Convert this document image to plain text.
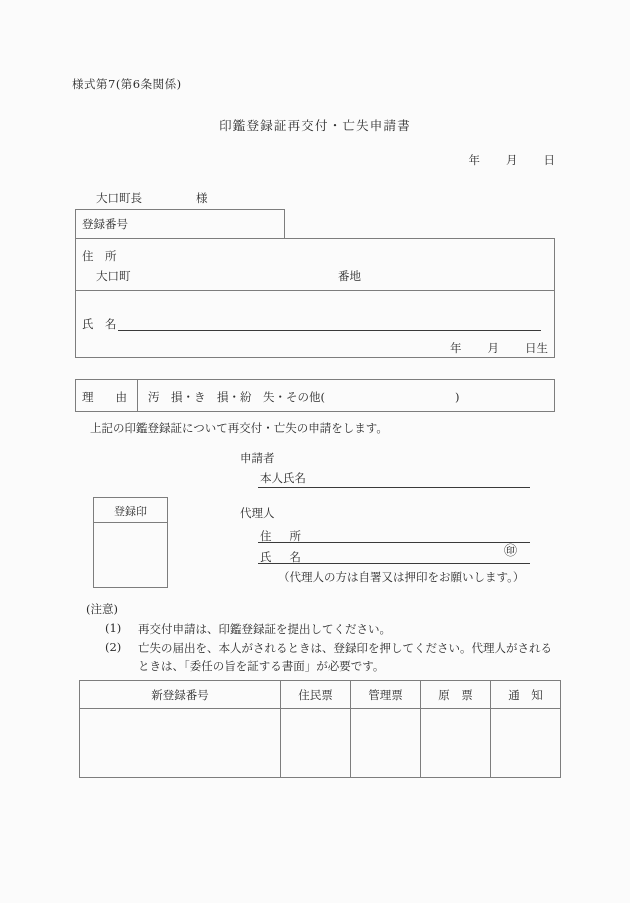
様式第7(第6条関係)
印鑑登録証再交付・亡失申請書
年 月 日
大口町長	様
登録番号
住　所
大口町	番地
氏　名
年 月 日生
理 由 汚　損・き　損・紛　失・その他(	)
上記の印鑑登録証について再交付・亡失の申請をします。
申請者
本人氏名
登録印	代理人
住 所
氏 名	㊞
（代理人の方は自署又は押印をお願いします。）
(注意)
(1) 再交付申請は、印鑑登録証を提出してください。
(2) 亡失の届出を、本人がされるときは、登録印を押してください。代理人がされる
ときは、「委任の旨を証する書面」が必要です。
新登録番号	住民票	管理票	原　票	通　知
